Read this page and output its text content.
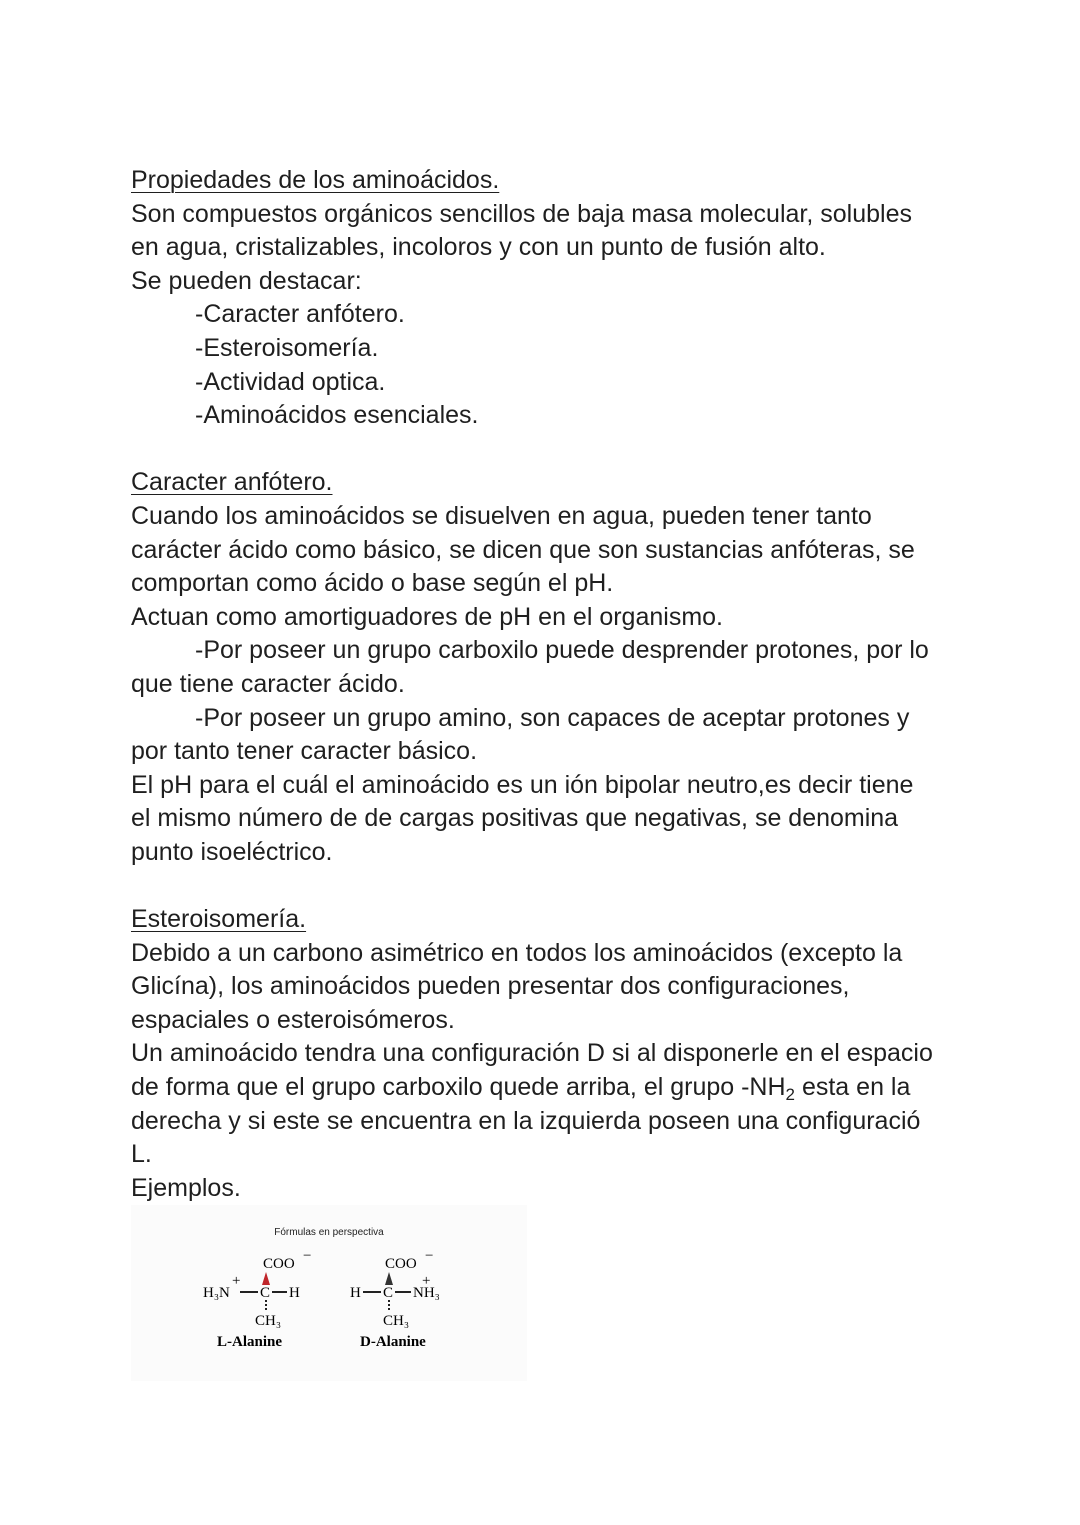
Propiedades de los aminoácidos.
Son compuestos orgánicos sencillos de baja masa molecular, solubles
en agua, cristalizables, incoloros y con un punto de fusión alto.
Se pueden destacar:
-Caracter anfótero.
-Esteroisomería.
-Actividad optica.
-Aminoácidos esenciales.
Caracter anfótero.
Cuando los aminoácidos se disuelven en agua, pueden tener tanto
carácter ácido como básico, se dicen que son sustancias anfóteras, se
comportan como ácido o base según el pH.
Actuan como amortiguadores de pH en el organismo.
-Por poseer un grupo carboxilo puede desprender protones, por lo
que tiene caracter ácido.
-Por poseer un grupo amino, son capaces de aceptar protones y
por tanto tener caracter básico.
El pH para el cuál el aminoácido es un ión bipolar neutro,es decir tiene
el mismo número de de cargas positivas que negativas, se denomina
punto isoeléctrico.
Esteroisomería.
Debido a un carbono asimétrico en todos los aminoácidos (excepto la
Glicína), los aminoácidos pueden presentar dos configuraciones,
espaciales o esteroisómeros.
Un aminoácido tendra una configuración D si al disponerle en el espacio
de forma que el grupo carboxilo quede arriba, el grupo $-NH_2$ esta en la
derecha y si este se encuentra en la izquierda poseen una configuració
L.
Ejemplos.
Fórmulas en perspectiva
COO −
+
H₃N C H
CH₃
L-Alanine
COO −
+
H C NH₃
CH₃
D-Alanine
